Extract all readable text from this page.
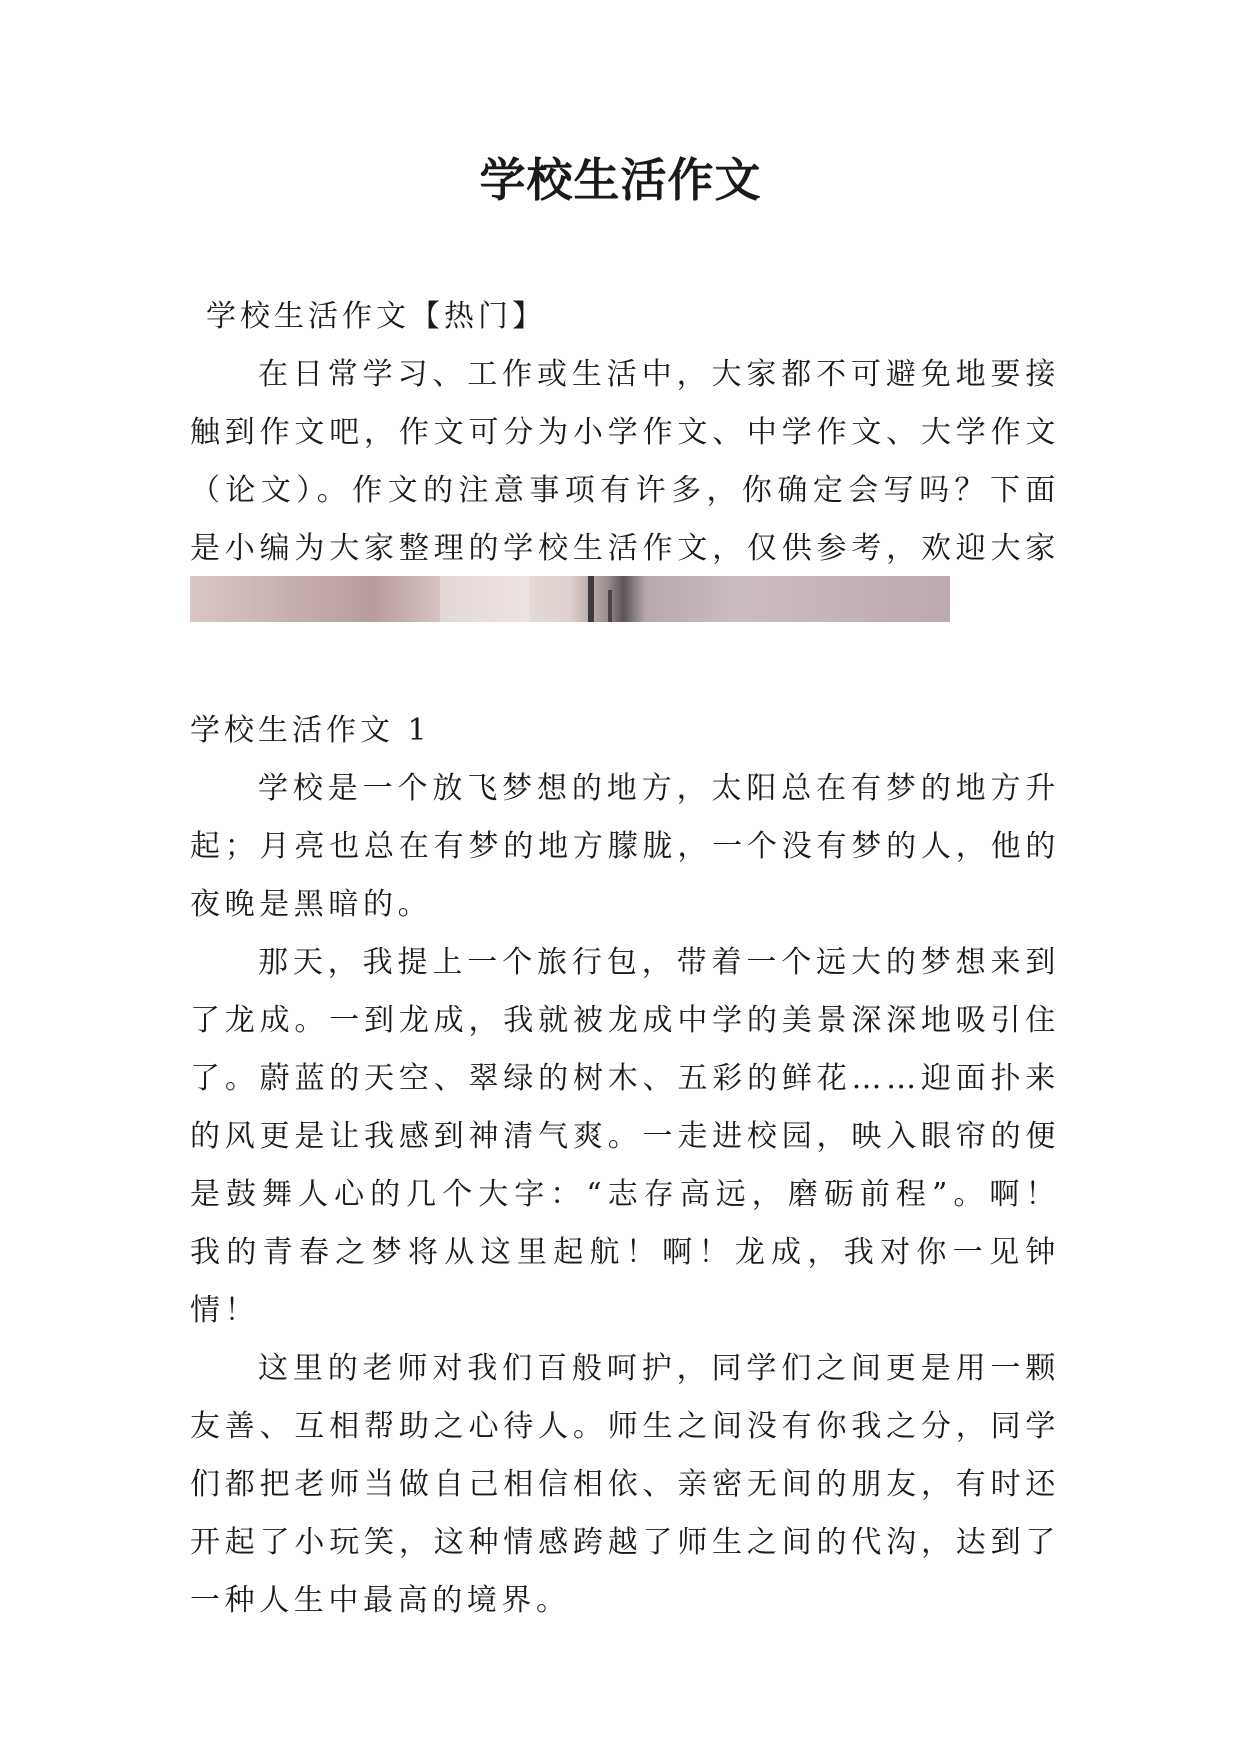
学校生活作文
学校生活作文【热门】

在日常学习、工作或生活中，大家都不可避免地要接触到作文吧，作文可分为小学作文、中学作文、大学作文（论文）。作文的注意事项有许多，你确定会写吗？下面是小编为大家整理的学校生活作文，仅供参考，欢迎大家

学校生活作文 1

学校是一个放飞梦想的地方，太阳总在有梦的地方升起；月亮也总在有梦的地方朦胧，一个没有梦的人，他的夜晚是黑暗的。

那天，我提上一个旅行包，带着一个远大的梦想来到了龙成。一到龙成，我就被龙成中学的美景深深地吸引住了。蔚蓝的天空、翠绿的树木、五彩的鲜花……迎面扑来的风更是让我感到神清气爽。一走进校园，映入眼帘的便是鼓舞人心的几个大字：“志存高远，磨砺前程”。啊！我的青春之梦将从这里起航！啊！龙成，我对你一见钟情！

这里的老师对我们百般呵护，同学们之间更是用一颗友善、互相帮助之心待人。师生之间没有你我之分，同学们都把老师当做自己相信相依、亲密无间的朋友，有时还开起了小玩笑，这种情感跨越了师生之间的代沟，达到了一种人生中最高的境界。
